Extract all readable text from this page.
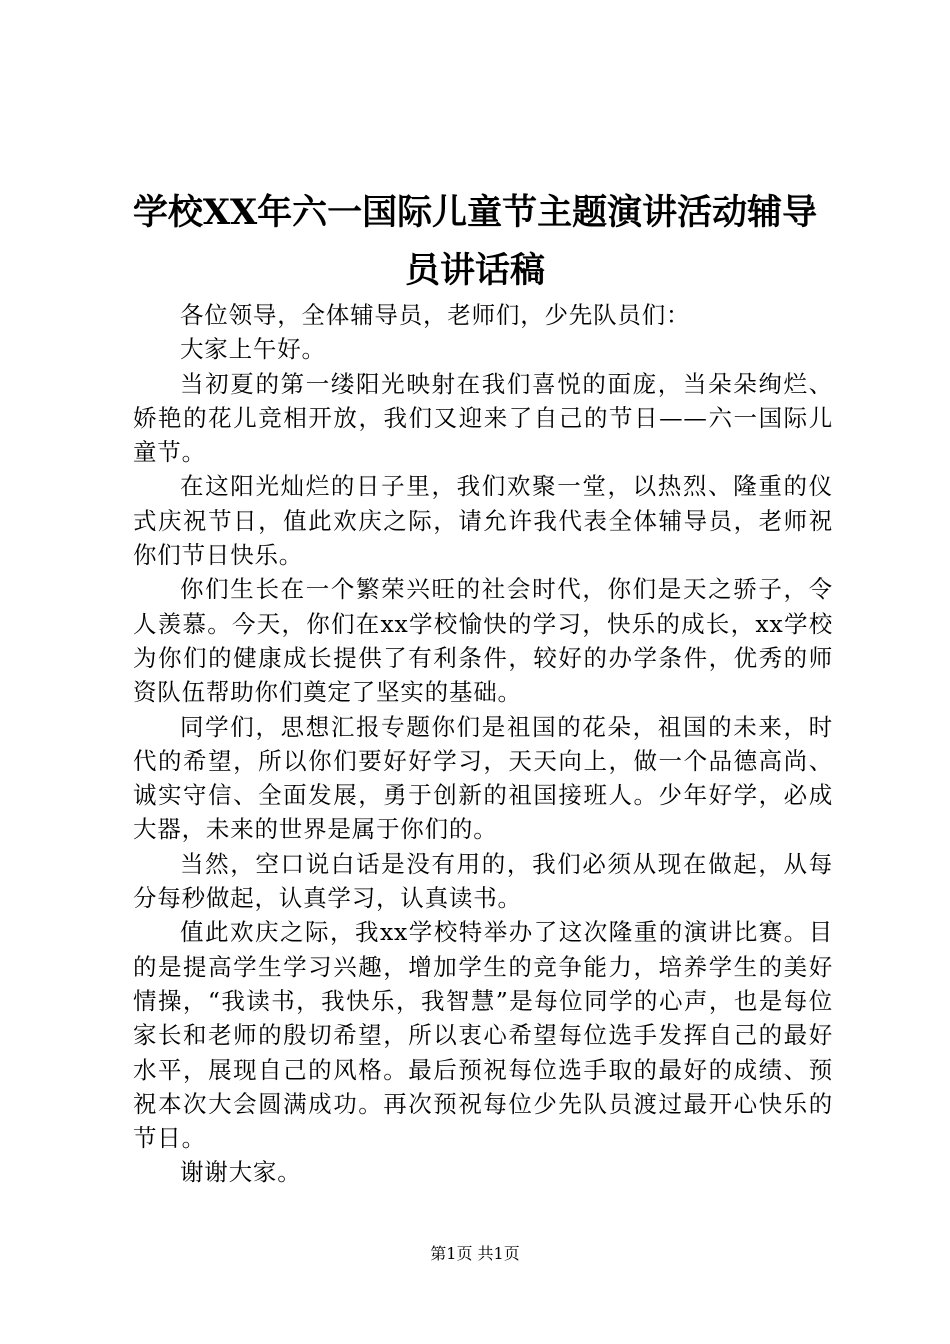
学校XX年六一国际儿童节主题演讲活动辅导员讲话稿

各位领导，全体辅导员，老师们，少先队员们：

大家上午好。

当初夏的第一缕阳光映射在我们喜悦的面庞，当朵朵绚烂、娇艳的花儿竞相开放，我们又迎来了自己的节日——六一国际儿童节。

在这阳光灿烂的日子里，我们欢聚一堂，以热烈、隆重的仪式庆祝节日，值此欢庆之际，请允许我代表全体辅导员，老师祝你们节日快乐。

你们生长在一个繁荣兴旺的社会时代，你们是天之骄子，令人羡慕。今天，你们在xx学校愉快的学习，快乐的成长，xx学校为你们的健康成长提供了有利条件，较好的办学条件，优秀的师资队伍帮助你们奠定了坚实的基础。

同学们，思想汇报专题你们是祖国的花朵，祖国的未来，时代的希望，所以你们要好好学习，天天向上，做一个品德高尚、诚实守信、全面发展，勇于创新的祖国接班人。少年好学，必成大器，未来的世界是属于你们的。

当然，空口说白话是没有用的，我们必须从现在做起，从每分每秒做起，认真学习，认真读书。

值此欢庆之际，我xx学校特举办了这次隆重的演讲比赛。目的是提高学生学习兴趣，增加学生的竞争能力，培养学生的美好情操，“我读书，我快乐，我智慧”是每位同学的心声，也是每位家长和老师的殷切希望，所以衷心希望每位选手发挥自己的最好水平，展现自己的风格。最后预祝每位选手取的最好的成绩、预祝本次大会圆满成功。再次预祝每位少先队员渡过最开心快乐的节日。

谢谢大家。

第1页 共1页
